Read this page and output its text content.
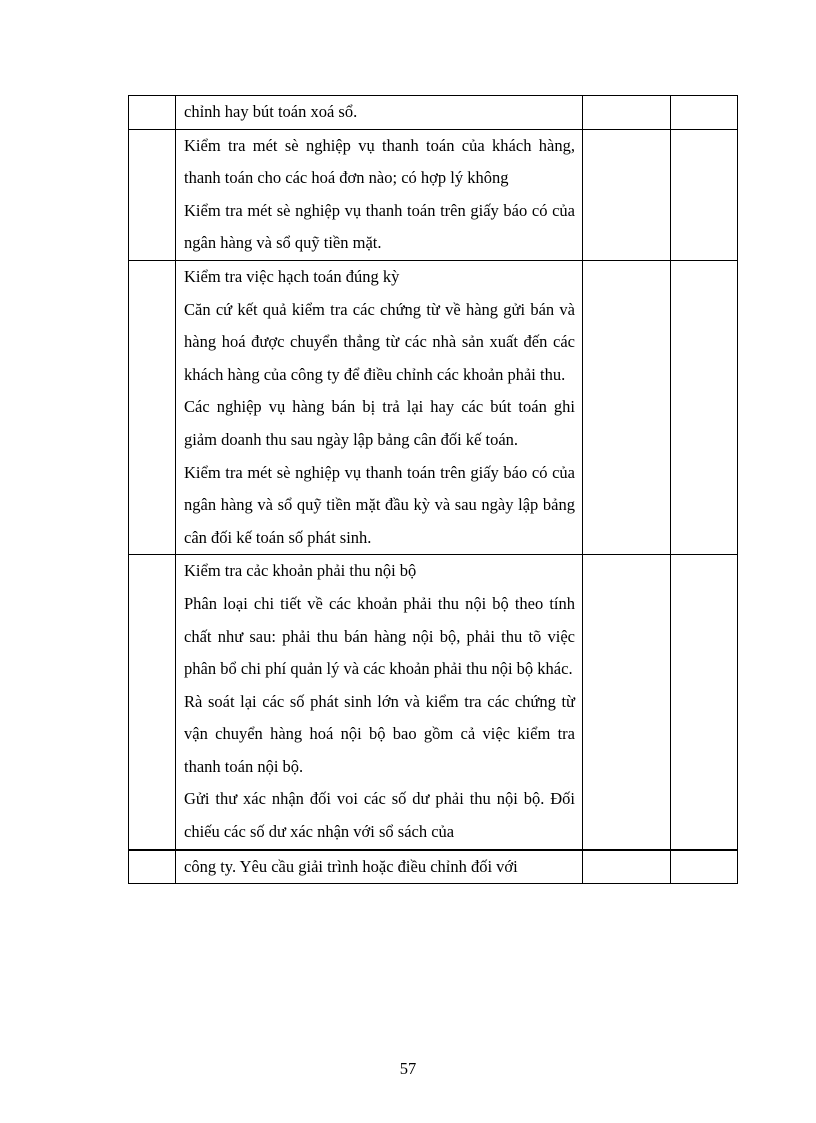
	chỉnh hay bút toán xoá sổ.		

	Kiểm tra mét sè nghiệp vụ thanh toán của khách hàng, thanh toán cho các hoá đơn nào; có hợp lý không

Kiểm tra mét sè nghiệp vụ thanh toán trên giấy báo có của ngân hàng và sổ quỹ tiền mặt.		

	Kiểm tra việc hạch toán đúng kỳ

Căn cứ kết quả kiểm tra các chứng từ về hàng gửi bán và hàng hoá được chuyển thẳng từ các nhà sản xuất đến các khách hàng của công ty để điều chỉnh các khoản phải thu.

Các nghiệp vụ hàng bán bị trả lại hay các bút toán ghi giảm doanh thu sau ngày lập bảng cân đối kế toán.

Kiểm tra mét sè nghiệp vụ thanh toán trên giấy báo có của ngân hàng và sổ quỹ tiền mặt đầu kỳ và sau ngày lập bảng cân đối kế toán số phát sinh.		

	Kiểm tra cảc khoản phải thu nội bộ

Phân loại chi tiết về các khoản phải thu nội bộ theo tính chất như sau: phải thu bán hàng nội bộ, phải thu tõ việc phân bổ chi phí quản lý và các khoản phải thu nội bộ khác.

Rà soát lại các số phát sinh lớn và kiểm tra các chứng từ vận chuyển hàng hoá nội bộ bao gồm cả việc kiểm tra thanh toán nội bộ.

Gửi thư xác nhận đối voi các số dư phải thu nội bộ. Đối chiếu các số dư xác nhận với sổ sách của		

	công ty. Yêu cầu giải trình hoặc điều chỉnh đối với		

57
